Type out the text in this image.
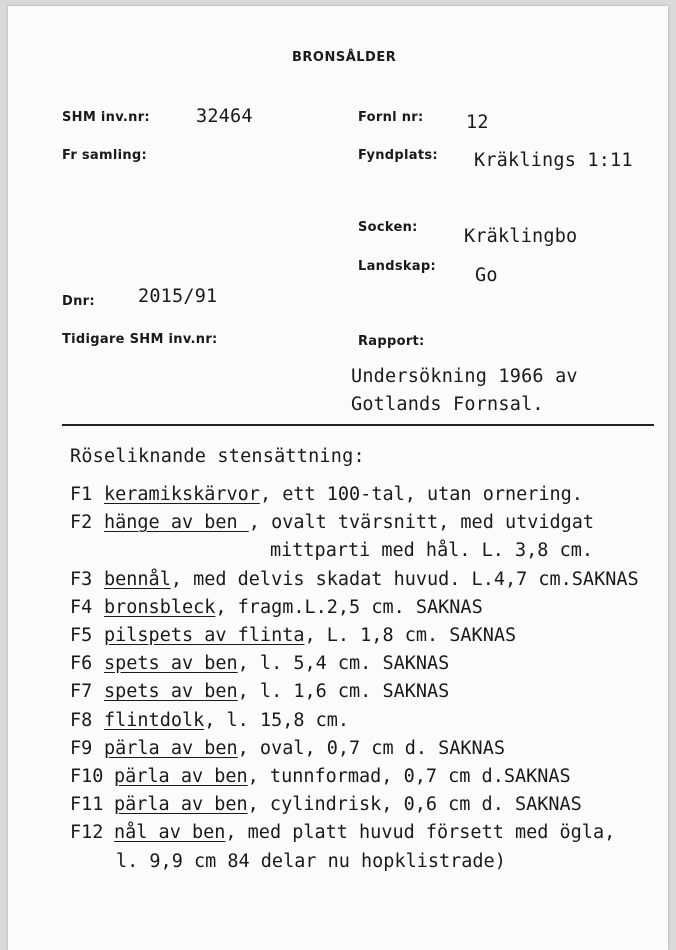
BRONSÅLDER
SHM inv.nr: 32464	Fornl nr: 12
Fr samling:	Fyndplats: Kräklings 1:11
Socken:	Kräklingbo
Landskap: Go
Dnr: 2015/91
Tidigare SHM inv.nr:	Rapport:
Undersökning 1966 av
Gotlands Fornsal.
Röseliknande stensättning:
F1 keramikskärvor, ett 100-tal, utan ornering.
F2 hänge av ben , ovalt tvärsnitt, med utvidgat
mittparti med hål. L. 3,8 cm.
F3 bennål, med delvis skadat huvud. L.4,7 cm.SAKNAS
F4 bronsbleck, fragm.L.2,5 cm. SAKNAS
F5 pilspets av flinta, L. 1,8 cm. SAKNAS
F6 spets av ben, l. 5,4 cm. SAKNAS
F7 spets av ben, l. 1,6 cm. SAKNAS
F8 flintdolk, l. 15,8 cm.
F9 pärla av ben, oval, 0,7 cm d. SAKNAS
F10 pärla av ben, tunnformad, 0,7 cm d.SAKNAS
F11 pärla av ben, cylindrisk, 0,6 cm d. SAKNAS
F12 nål av ben, med platt huvud försett med ögla,
l. 9,9 cm 84 delar nu hopklistrade)
